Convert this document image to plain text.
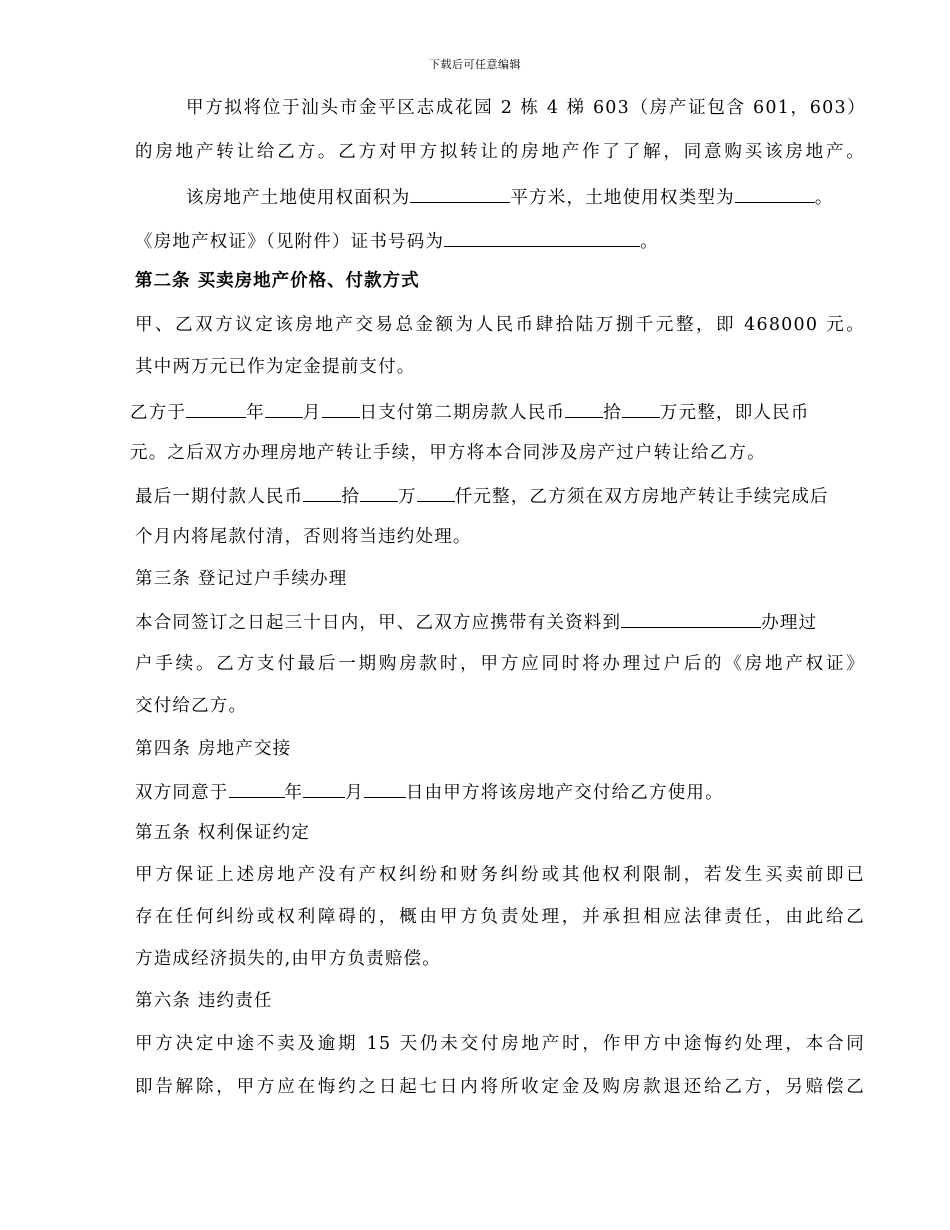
下载后可任意编辑
甲方拟将位于汕头市金平区志成花园 2 栋 4 梯 603（房产证包含 601，603）
的房地产转让给乙方。乙方对甲方拟转让的房地产作了了解，同意购买该房地产。
该房地产土地使用权面积为	平方米，土地使用权类型为	。
《房地产权证》（见附件）证书号码为	。
第二条 买卖房地产价格、付款方式
甲、乙双方议定该房地产交易总金额为人民币肆拾陆万捌千元整，即 468000 元。
其中两万元已作为定金提前支付。
乙方于	年 月 日支付第二期房款人民币 拾 万元整，即人民币
元。之后双方办理房地产转让手续，甲方将本合同涉及房产过户转让给乙方。
最后一期付款人民币 拾 万 仟元整，乙方须在双方房地产转让手续完成后
个月内将尾款付清，否则将当违约处理。
第三条 登记过户手续办理
本合同签订之日起三十日内，甲、乙双方应携带有关资料到	办理过
户手续。乙方支付最后一期购房款时，甲方应同时将办理过户后的《房地产权证》
交付给乙方。
第四条 房地产交接
双方同意于	年 月 日由甲方将该房地产交付给乙方使用。
第五条 权利保证约定
甲方保证上述房地产没有产权纠纷和财务纠纷或其他权利限制，若发生买卖前即已
存在任何纠纷或权利障碍的，概由甲方负责处理，并承担相应法律责任，由此给乙
方造成经济损失的,由甲方负责赔偿。
第六条 违约责任
甲方决定中途不卖及逾期 15 天仍未交付房地产时，作甲方中途悔约处理，本合同
即告解除，甲方应在悔约之日起七日内将所收定金及购房款退还给乙方，另赔偿乙
